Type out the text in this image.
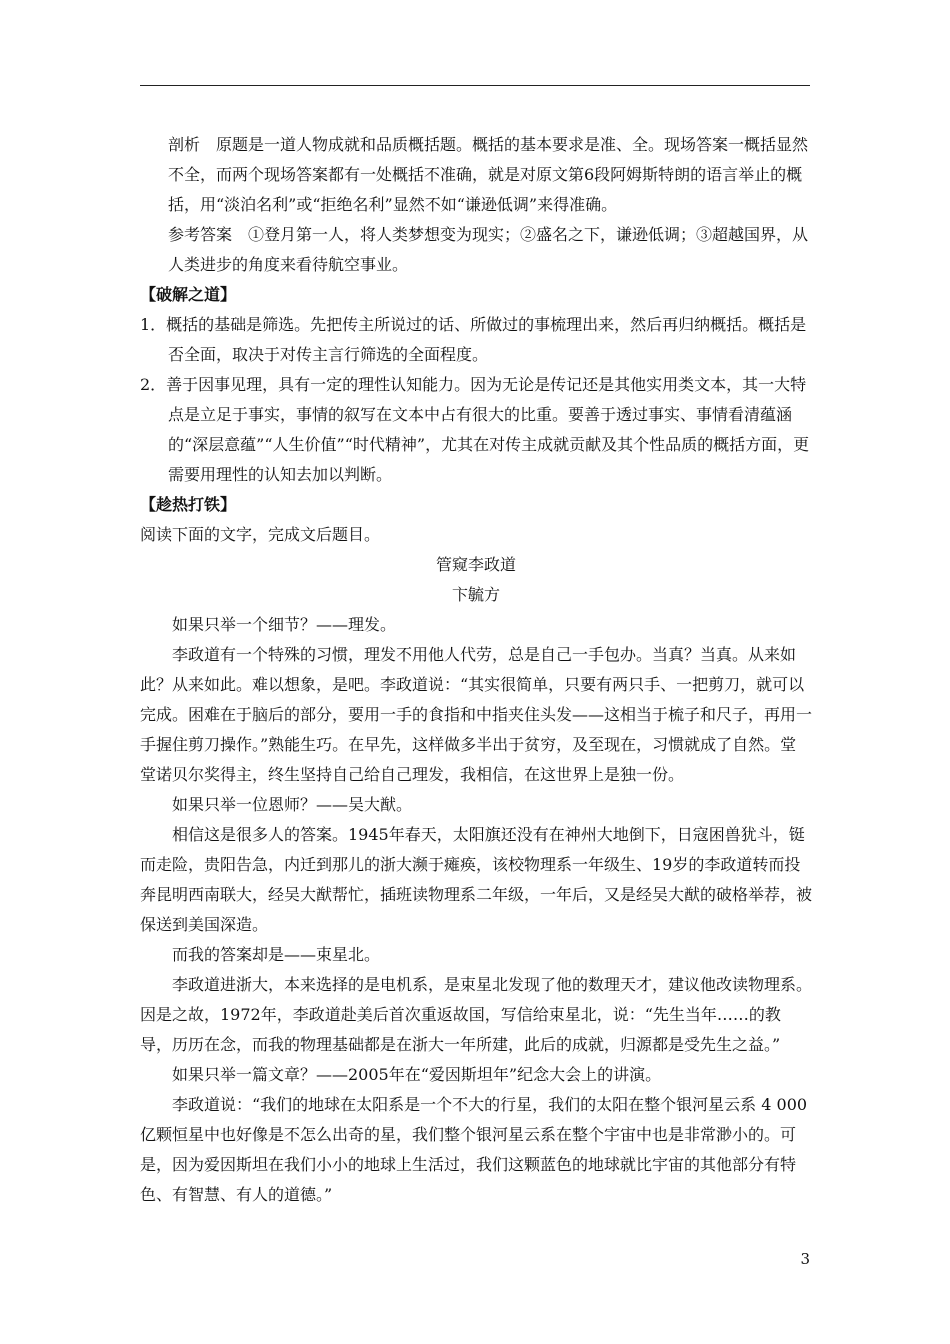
剖析　原题是一道人物成就和品质概括题。概括的基本要求是准、全。现场答案一概括显然不全，而两个现场答案都有一处概括不准确，就是对原文第6段阿姆斯特朗的语言举止的概括，用“淡泊名利”或“拒绝名利”显然不如“谦逊低调”来得准确。

参考答案　①登月第一人，将人类梦想变为现实；②盛名之下，谦逊低调；③超越国界，从人类进步的角度来看待航空事业。

【破解之道】

1．概括的基础是筛选。先把传主所说过的话、所做过的事梳理出来，然后再归纳概括。概括是否全面，取决于对传主言行筛选的全面程度。

2．善于因事见理，具有一定的理性认知能力。因为无论是传记还是其他实用类文本，其一大特点是立足于事实，事情的叙写在文本中占有很大的比重。要善于透过事实、事情看清蕴涵的“深层意蕴”“人生价值”“时代精神”，尤其在对传主成就贡献及其个性品质的概括方面，更需要用理性的认知去加以判断。

【趁热打铁】

阅读下面的文字，完成文后题目。

管窥李政道

卞毓方

如果只举一个细节？——理发。

李政道有一个特殊的习惯，理发不用他人代劳，总是自己一手包办。当真？当真。从来如此？从来如此。难以想象，是吧。李政道说：“其实很简单，只要有两只手、一把剪刀，就可以完成。困难在于脑后的部分，要用一手的食指和中指夹住头发——这相当于梳子和尺子，再用一手握住剪刀操作。”熟能生巧。在早先，这样做多半出于贫穷，及至现在，习惯就成了自然。堂堂诺贝尔奖得主，终生坚持自己给自己理发，我相信，在这世界上是独一份。

如果只举一位恩师？——吴大猷。

相信这是很多人的答案。1945年春天，太阳旗还没有在神州大地倒下，日寇困兽犹斗，铤而走险，贵阳告急，内迁到那儿的浙大濒于瘫痪，该校物理系一年级生、19岁的李政道转而投奔昆明西南联大，经吴大猷帮忙，插班读物理系二年级，一年后，又是经吴大猷的破格举荐，被保送到美国深造。

而我的答案却是——束星北。

李政道进浙大，本来选择的是电机系，是束星北发现了他的数理天才，建议他改读物理系。因是之故，1972年，李政道赴美后首次重返故国，写信给束星北，说：“先生当年……的教导，历历在念，而我的物理基础都是在浙大一年所建，此后的成就，归源都是受先生之益。”

如果只举一篇文章？——2005年在“爱因斯坦年”纪念大会上的讲演。

李政道说：“我们的地球在太阳系是一个不大的行星，我们的太阳在整个银河星云系 4 000亿颗恒星中也好像是不怎么出奇的星，我们整个银河星云系在整个宇宙中也是非常渺小的。可是，因为爱因斯坦在我们小小的地球上生活过，我们这颗蓝色的地球就比宇宙的其他部分有特色、有智慧、有人的道德。”

3
